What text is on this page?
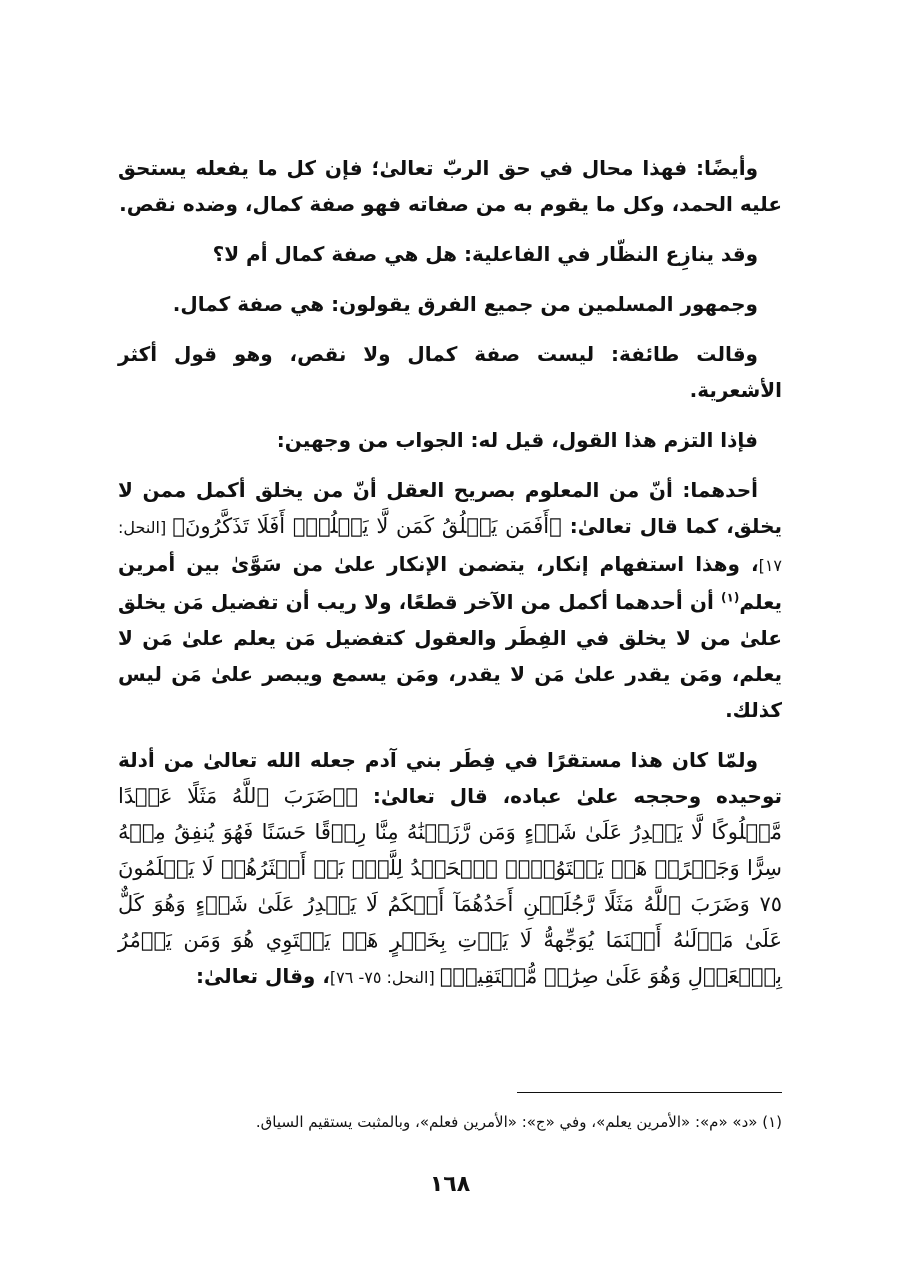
وأيضًا: فهذا محال في حق الربّ تعالىٰ؛ فإن كل ما يفعله يستحق عليه الحمد، وكل ما يقوم به من صفاته فهو صفة كمال، وضده نقص.

وقد ينازِع النظّار في الفاعلية: هل هي صفة كمال أم لا؟

وجمهور المسلمين من جميع الفرق يقولون: هي صفة كمال.

وقالت طائفة: ليست صفة كمال ولا نقص، وهو قول أكثر الأشعرية.

فإذا التزم هذا القول، قيل له: الجواب من وجهين:

أحدهما: أنّ من المعلوم بصريح العقل أنّ من يخلق أكمل ممن لا يخلق، كما قال تعالىٰ: ﴿أَفَمَن يَخۡلُقُ كَمَن لَّا يَخۡلُقُۚ أَفَلَا تَذَكَّرُونَ﴾ [النحل: ١٧]، وهذا استفهام إنكار، يتضمن الإنكار علىٰ من سَوَّىٰ بين أمرين يعلم$^{(١)}$ أن أحدهما أكمل من الآخر قطعًا، ولا ريب أن تفضيل مَن يخلق علىٰ من لا يخلق في الفِطَر والعقول كتفضيل مَن يعلم علىٰ مَن لا يعلم، ومَن يقدر علىٰ مَن لا يقدر، ومَن يسمع ويبصر علىٰ مَن ليس كذلك.

ولمّا كان هذا مستقرًا في فِطَر بني آدم جعله الله تعالىٰ من أدلة توحيده وحججه علىٰ عباده، قال تعالىٰ: ﴿۞ضَرَبَ ٱللَّهُ مَثَلًا عَبۡدًا مَّمۡلُوكًا لَّا يَقۡدِرُ عَلَىٰ شَيۡءٍ وَمَن رَّزَقۡنَٰهُ مِنَّا رِزۡقًا حَسَنًا فَهُوَ يُنفِقُ مِنۡهُ سِرًّا وَجَهۡرًاۖ هَلۡ يَسۡتَوُۥنَۚ ٱلۡحَمۡدُ لِلَّهِۚ بَلۡ أَكۡثَرُهُمۡ لَا يَعۡلَمُونَ ٧٥ وَضَرَبَ ٱللَّهُ مَثَلًا رَّجُلَيۡنِ أَحَدُهُمَآ أَبۡكَمُ لَا يَقۡدِرُ عَلَىٰ شَيۡءٍ وَهُوَ كَلٌّ عَلَىٰ مَوۡلَىٰهُ أَيۡنَمَا يُوَجِّههُّ لَا يَأۡتِ بِخَيۡرٍ هَلۡ يَسۡتَوِي هُوَ وَمَن يَأۡمُرُ بِٱلۡعَدۡلِ وَهُوَ عَلَىٰ صِرَٰطٖ مُّسۡتَقِيمٖ﴾ [النحل: ٧٥- ٧٦]، وقال تعالىٰ:

(١) «د» «م»: «الأمرين يعلم»، وفي «ج»: «الأمرين فعلم»، وبالمثبت يستقيم السياق.

١٦٨
